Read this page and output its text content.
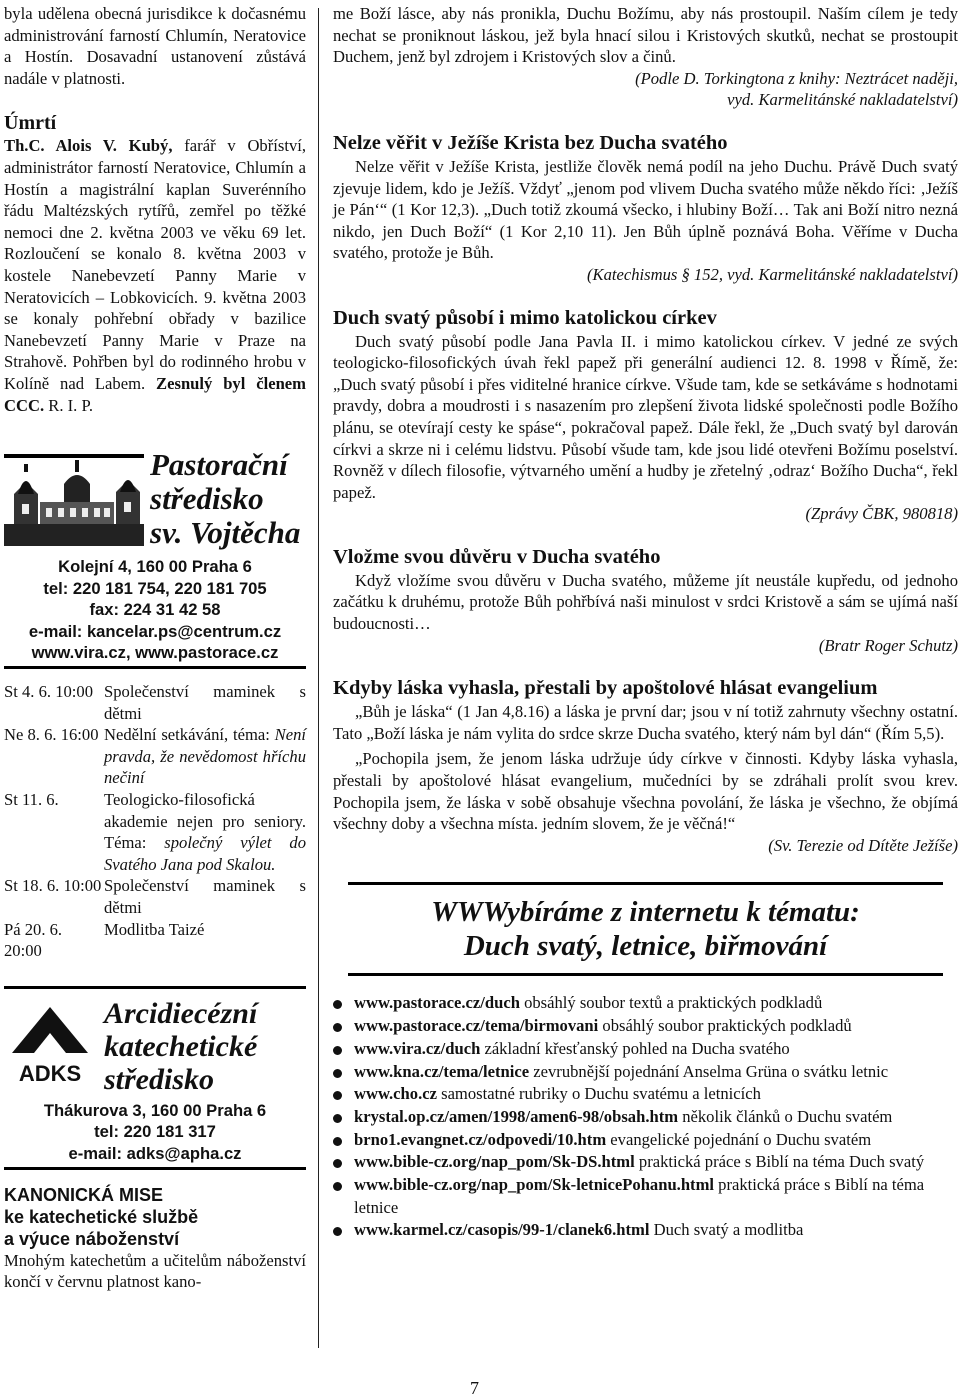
byla udělena obecná jurisdikce k dočasnému administrování farností Chlumín, Neratovice a Hostín. Dosavadní ustanovení zůstává nadále v platnosti.

Úmrtí

Th.C. Alois V. Kubý, farář v Obříství, administrátor farností Neratovice, Chlumín a Hostín a magistrální kaplan Suverénního řádu Maltézských rytířů, zemřel po těžké nemoci dne 2. května 2003 ve věku 69 let. Rozloučení se konalo 8. května 2003 v kostele Nanebevzetí Panny Marie v Neratovicích – Lobkovicích. 9. května 2003 se konaly pohřební obřady v bazilice Nanebevzetí Panny Marie v Praze na Strahově. Pohřben byl do rodinného hrobu v Kolíně nad Labem. Zesnulý byl členem CCC. R. I. P.

Pastorační
středisko
sv. Vojtěcha
Kolejní 4, 160 00 Praha 6
tel: 220 181 754, 220 181 705
fax: 224 31 42 58
e-mail: kancelar.ps@centrum.cz
www.vira.cz, www.pastorace.cz
St 4. 6. 10:00 Společenství maminek s dětmi
Ne 8. 6. 16:00 Nedělní setkávání, téma: Není pravda, že nevědomost hříchu nečiní
St 11. 6.	Teologicko-filosofická akademie nejen pro seniory. Téma: společný výlet do Svatého Jana pod Skalou.
St 18. 6. 10:00 Společenství maminek s dětmi
Pá 20. 6. 20:00
Modlitba Taizé
ADKS
Arcidiecézní
katechetické
středisko
Thákurova 3, 160 00 Praha 6
tel: 220 181 317
e-mail: adks@apha.cz
KANONICKÁ MISE
ke katechetické službě
a výuce náboženství

Mnohým katechetům a učitelům náboženství končí v červnu platnost kano-

me Boží lásce, aby nás pronikla, Duchu Božímu, aby nás prostoupil. Naším cílem je tedy nechat se proniknout láskou, jež byla hnací silou i Kristových skutků, nechat se prostoupit Duchem, jenž byl zdrojem i Kristových slov a činů.

(Podle D. Torkingtona z knihy: Neztrácet naději,

vyd. Karmelitánské nakladatelství)

Nelze věřit v Ježíše Krista bez Ducha svatého

Nelze věřit v Ježíše Krista, jestliže člověk nemá podíl na jeho Duchu. Právě Duch svatý zjevuje lidem, kdo je Ježíš. Vždyť „jenom pod vlivem Ducha svatého může někdo říci: ‚Ježíš je Pán‘“ (1 Kor 12,3). „Duch totiž zkoumá všecko, i hlubiny Boží… Tak ani Boží nitro nezná nikdo, jen Duch Boží“ (1 Kor 2,10 11). Jen Bůh úplně poznává Boha. Věříme v Ducha svatého, protože je Bůh.

(Katechismus § 152, vyd. Karmelitánské nakladatelství)

Duch svatý působí i mimo katolickou církev

Duch svatý působí podle Jana Pavla II. i mimo katolickou církev. V jedné ze svých teologicko-filosofických úvah řekl papež při generální audienci 12. 8. 1998 v Římě, že: „Duch svatý působí i přes viditelné hranice církve. Všude tam, kde se setkáváme s hodnotami pravdy, dobra a moudrosti i s nasazením pro zlepšení života lidské společnosti podle Božího plánu, se otevírají cesty ke spáse“, pokračoval papež. Dále řekl, že „Duch svatý byl darován církvi a skrze ni i celému lidstvu. Působí všude tam, kde jsou lidé otevřeni Božímu poselství. Rovněž v dílech filosofie, výtvarného umění a hudby je zřetelný ‚odraz‘ Božího Ducha“, řekl papež.

(Zprávy ČBK, 980818)

Vložme svou důvěru v Ducha svatého

Když vložíme svou důvěru v Ducha svatého, můžeme jít neustále kupředu, od jednoho začátku k druhému, protože Bůh pohřbívá naši minulost v srdci Kristově a sám se ujímá naší budoucnosti…

(Bratr Roger Schutz)

Kdyby láska vyhasla, přestali by apoštolové hlásat evangelium

„Bůh je láska“ (1 Jan 4,8.16) a láska je první dar; jsou v ní totiž zahrnuty všechny ostatní. Tato „Boží láska je nám vylita do srdce skrze Ducha svatého, který nám byl dán“ (Řím 5,5).

„Pochopila jsem, že jenom láska udržuje údy církve v činnosti. Kdyby láska vyhasla, přestali by apoštolové hlásat evangelium, mučedníci by se zdráhali prolít svou krev. Pochopila jsem, že láska v sobě obsahuje všechna povolání, že láska je všechno, že objímá všechny doby a všechna místa. jedním slovem, že je věčná!“

(Sv. Terezie od Dítěte Ježíše)

WWWybíráme z internetu k tématu:
Duch svatý, letnice, biřmování
www.pastorace.cz/duch obsáhlý soubor textů a praktických podkladů
www.pastorace.cz/tema/birmovani obsáhlý soubor praktických podkladů
www.vira.cz/duch základní křesťanský pohled na Ducha svatého
www.kna.cz/tema/letnice zevrubnější pojednání Anselma Grüna o svátku letnic
www.cho.cz samostatné rubriky o Duchu svatému a letnicích
krystal.op.cz/amen/1998/amen6-98/obsah.htm několik článků o Duchu svatém
brno1.evangnet.cz/odpovedi/10.htm evangelické pojednání o Duchu svatém
www.bible-cz.org/nap_pom/Sk-DS.html praktická práce s Biblí na téma Duch svatý
www.bible-cz.org/nap_pom/Sk-letnicePohanu.html praktická práce s Biblí na téma letnice
www.karmel.cz/casopis/99-1/clanek6.html Duch svatý a modlitba
7
